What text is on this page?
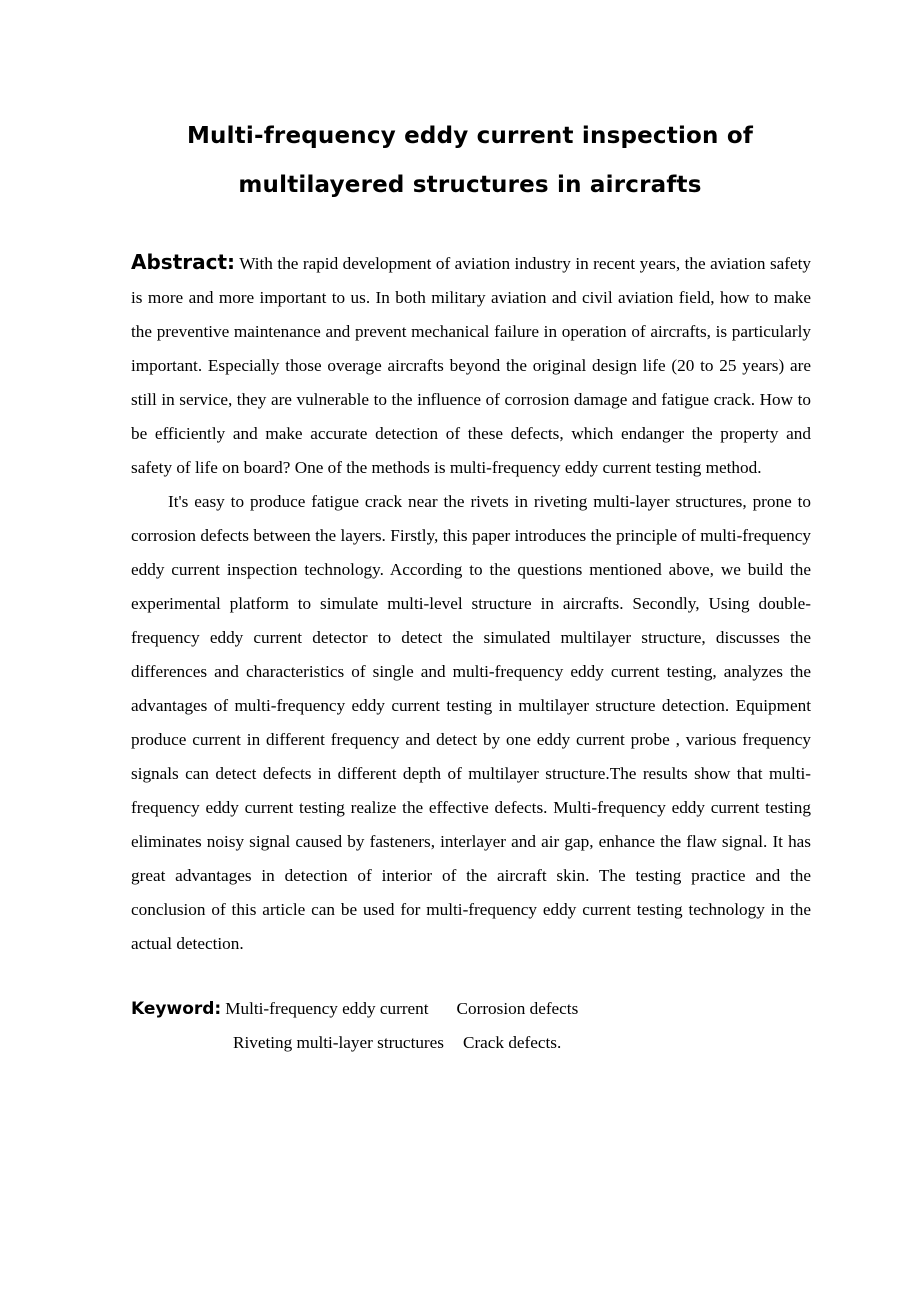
Multi-frequency eddy current inspection of
multilayered structures in aircrafts

Abstract: With the rapid development of aviation industry in recent years, the aviation safety is more and more important to us. In both military aviation and civil aviation field, how to make the preventive maintenance and prevent mechanical failure in operation of aircrafts, is particularly important. Especially those overage aircrafts beyond the original design life (20 to 25 years) are still in service, they are vulnerable to the influence of corrosion damage and fatigue crack. How to be efficiently and make accurate detection of these defects, which endanger the property and safety of life on board? One of the methods is multi-frequency eddy current testing method.

It's easy to produce fatigue crack near the rivets in riveting multi-layer structures, prone to corrosion defects between the layers. Firstly, this paper introduces the principle of multi-frequency eddy current inspection technology. According to the questions mentioned above, we build the experimental platform to simulate multi-level structure in aircrafts. Secondly, Using double-frequency eddy current detector to detect the simulated multilayer structure, discusses the differences and characteristics of single and multi-frequency eddy current testing, analyzes the advantages of multi-frequency eddy current testing in multilayer structure detection. Equipment produce current in different frequency and detect by one eddy current probe , various frequency signals can detect defects in different depth of multilayer structure.The results show that multi-frequency eddy current testing realize the effective defects. Multi-frequency eddy current testing eliminates noisy signal caused by fasteners, interlayer and air gap, enhance the flaw signal. It has great advantages in detection of interior of the aircraft skin. The testing practice and the conclusion of this article can be used for multi-frequency eddy current testing technology in the actual detection.

Keyword: Multi-frequency eddy current Corrosion defects
Riveting multi-layer structures Crack defects.
